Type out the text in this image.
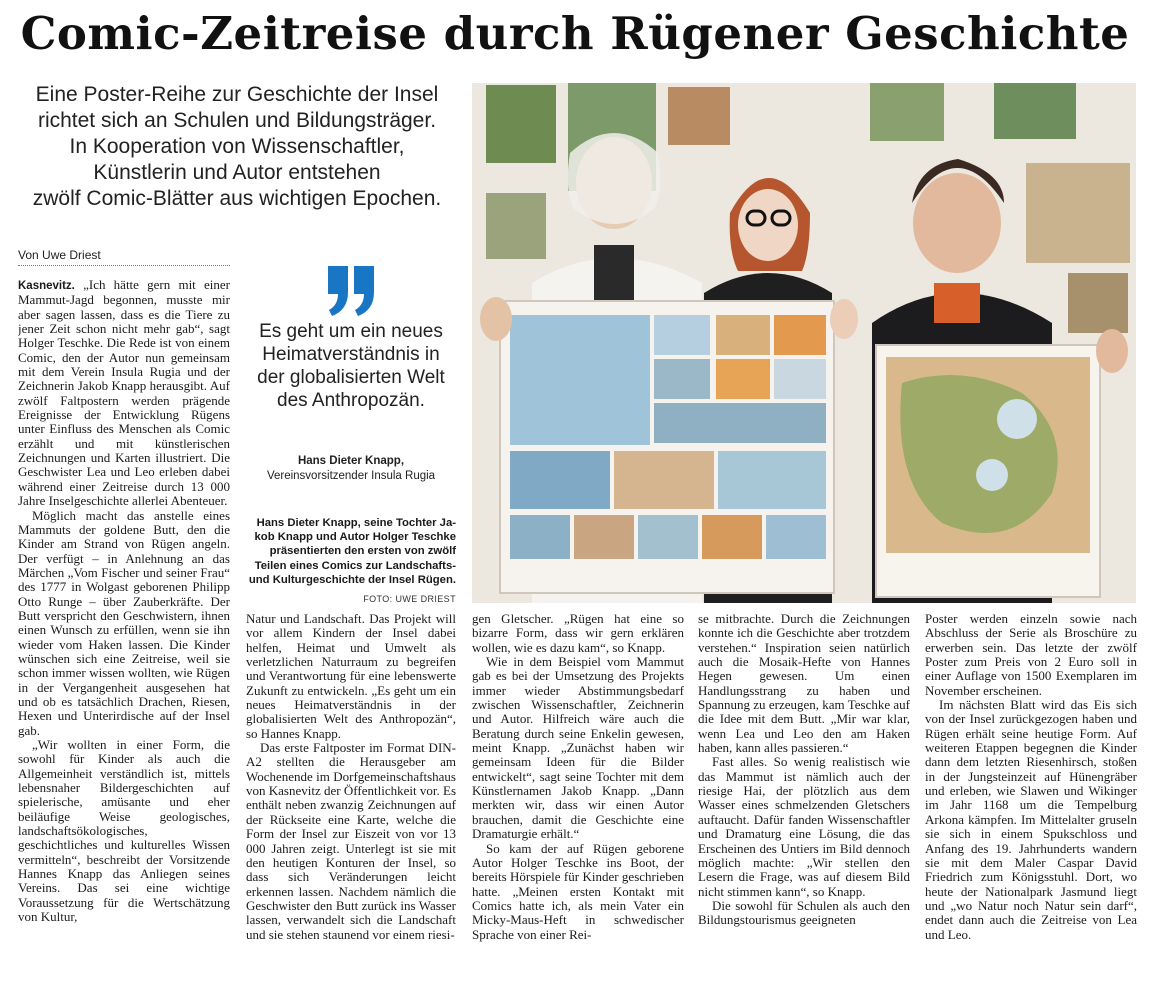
Comic-Zeitreise durch Rügener Geschichte
Eine Poster-Reihe zur Geschichte der Insel
richtet sich an Schulen und Bildungsträger.
In Kooperation von Wissenschaftler,
Künstlerin und Autor entstehen
zwölf Comic-Blätter aus wichtigen Epochen.
Von Uwe Driest

Kasnevitz. „Ich hätte gern mit einer Mammut-Jagd begonnen, musste mir aber sagen lassen, dass es die Tiere zu jener Zeit schon nicht mehr gab“, sagt Holger Teschke. Die Rede ist von einem Comic, den der Autor nun gemeinsam mit dem Verein Insula Rugia und der Zeichnerin Jakob Knapp herausgibt. Auf zwölf Faltpostern werden prägende Ereignisse der Entwicklung Rügens unter Einfluss des Menschen als Comic erzählt und mit künstlerischen Zeichnungen und Karten illustriert. Die Geschwister Lea und Leo erleben dabei während einer Zeitreise durch 13 000 Jahre Inselgeschichte allerlei Abenteuer.

Möglich macht das anstelle eines Mammuts der goldene Butt, den die Kinder am Strand von Rügen angeln. Der verfügt – in Anlehnung an das Märchen „Vom Fischer und seiner Frau“ des 1777 in Wolgast geborenen Philipp Otto Runge – über Zauberkräfte. Der Butt verspricht den Geschwistern, ihnen einen Wunsch zu erfüllen, wenn sie ihn wieder vom Haken lassen. Die Kinder wünschen sich eine Zeitreise, weil sie schon immer wissen wollten, wie Rügen in der Vergangenheit ausgesehen hat und ob es tatsächlich Drachen, Riesen, Hexen und Unterirdische auf der Insel gab.

„Wir wollten in einer Form, die sowohl für Kinder als auch die Allgemeinheit verständlich ist, mittels lebensnaher Bildergeschichten auf spielerische, amüsante und eher beiläufige Weise geologisches, landschaftsökologisches, geschichtliches und kulturelles Wissen vermitteln“, beschreibt der Vorsitzende Hannes Knapp das Anliegen seines Vereins. Das sei eine wichtige Voraussetzung für die Wertschätzung von Kultur,

Es geht um ein neues Heimatverständnis in der globalisierten Welt des Anthropozän.
Hans Dieter Knapp,
Vereinsvorsitzender Insula Rugia
Hans Dieter Knapp, seine Tochter Ja-
kob Knapp und Autor Holger Teschke
präsentierten den ersten von zwölf
Teilen eines Comics zur Landschafts-
und Kulturgeschichte der Insel Rügen.
FOTO: UWE DRIEST

Natur und Landschaft. Das Projekt will vor allem Kindern der Insel dabei helfen, Heimat und Umwelt als verletzlichen Naturraum zu begreifen und Verantwortung für eine lebenswerte Zukunft zu entwickeln. „Es geht um ein neues Heimatverständnis in der globalisierten Welt des Anthropozän“, so Hannes Knapp.

Das erste Faltposter im Format DIN-A2 stellten die Herausgeber am Wochenende im Dorfgemeinschaftshaus von Kasnevitz der Öffentlichkeit vor. Es enthält neben zwanzig Zeichnungen auf der Rückseite eine Karte, welche die Form der Insel zur Eiszeit von vor 13 000 Jahren zeigt. Unterlegt ist sie mit den heutigen Konturen der Insel, so dass sich Veränderungen leicht erkennen lassen. Nachdem nämlich die Geschwister den Butt zurück ins Wasser lassen, verwandelt sich die Landschaft und sie stehen staunend vor einem riesi-

gen Gletscher. „Rügen hat eine so bizarre Form, dass wir gern erklären wollen, wie es dazu kam“, so Knapp.

Wie in dem Beispiel vom Mammut gab es bei der Umsetzung des Projekts immer wieder Abstimmungsbedarf zwischen Wissenschaftler, Zeichnerin und Autor. Hilfreich wäre auch die Beratung durch seine Enkelin gewesen, meint Knapp. „Zunächst haben wir gemeinsam Ideen für die Bilder entwickelt“, sagt seine Tochter mit dem Künstlernamen Jakob Knapp. „Dann merkten wir, dass wir einen Autor brauchen, damit die Geschichte eine Dramaturgie erhält.“

So kam der auf Rügen geborene Autor Holger Teschke ins Boot, der bereits Hörspiele für Kinder geschrieben hatte. „Meinen ersten Kontakt mit Comics hatte ich, als mein Vater ein Micky-Maus-Heft in schwedischer Sprache von einer Rei-

se mitbrachte. Durch die Zeichnungen konnte ich die Geschichte aber trotzdem verstehen.“ Inspiration seien natürlich auch die Mosaik-Hefte von Hannes Hegen gewesen. Um einen Handlungsstrang zu haben und Spannung zu erzeugen, kam Teschke auf die Idee mit dem Butt. „Mir war klar, wenn Lea und Leo den am Haken haben, kann alles passieren.“

Fast alles. So wenig realistisch wie das Mammut ist nämlich auch der riesige Hai, der plötzlich aus dem Wasser eines schmelzenden Gletschers auftaucht. Dafür fanden Wissenschaftler und Dramaturg eine Lösung, die das Erscheinen des Untiers im Bild dennoch möglich machte: „Wir stellen den Lesern die Frage, was auf diesem Bild nicht stimmen kann“, so Knapp.

Die sowohl für Schulen als auch den Bildungstourismus geeigneten

Poster werden einzeln sowie nach Abschluss der Serie als Broschüre zu erwerben sein. Das letzte der zwölf Poster zum Preis von 2 Euro soll in einer Auflage von 1500 Exemplaren im November erscheinen.

Im nächsten Blatt wird das Eis sich von der Insel zurückgezogen haben und Rügen erhält seine heutige Form. Auf weiteren Etappen begegnen die Kinder dann dem letzten Riesenhirsch, stoßen in der Jungsteinzeit auf Hünengräber und erleben, wie Slawen und Wikinger im Jahr 1168 um die Tempelburg Arkona kämpfen. Im Mittelalter gruseln sie sich in einem Spukschloss und Anfang des 19. Jahrhunderts wandern sie mit dem Maler Caspar David Friedrich zum Königsstuhl. Dort, wo heute der Nationalpark Jasmund liegt und „wo Natur noch Natur sein darf“, endet dann auch die Zeitreise von Lea und Leo.
